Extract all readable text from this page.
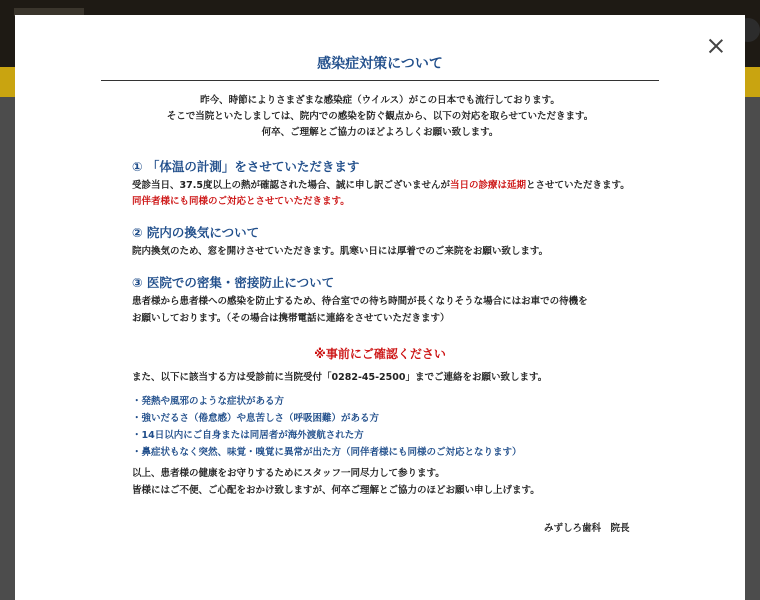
感染症対策について
昨今、時節によりさまざまな感染症（ウイルス）がこの日本でも流行しております。
そこで当院といたしましては、院内での感染を防ぐ観点から、以下の対応を取らせていただきます。
何卒、ご理解とご協力のほどよろしくお願い致します。
① 「体温の計測」をさせていただきます
受診当日、37.5度以上の熱が確認された場合、誠に申し訳ございませんが当日の診療は延期とさせていただきます。
同伴者様にも同様のご対応とさせていただきます。
② 院内の換気について
院内換気のため、窓を開けさせていただきます。肌寒い日には厚着でのご来院をお願い致します。
③ 医院での密集・密接防止について
患者様から患者様への感染を防止するため、待合室での待ち時間が長くなりそうな場合にはお車での待機を
お願いしております。（その場合は携帯電話に連絡をさせていただきます）
※事前にご確認ください
また、以下に該当する方は受診前に当院受付「0282-45-2500」までご連絡をお願い致します。
・発熱や風邪のような症状がある方
・強いだるさ（倦怠感）や息苦しさ（呼吸困難）がある方
・14日以内にご自身または同居者が海外渡航された方
・鼻症状もなく突然、味覚・嗅覚に異常が出た方（同伴者様にも同様のご対応となります）
以上、患者様の健康をお守りするためにスタッフ一同尽力して参ります。
皆様にはご不便、ご心配をおかけ致しますが、何卒ご理解とご協力のほどお願い申し上げます。
みずしろ歯科　院長
